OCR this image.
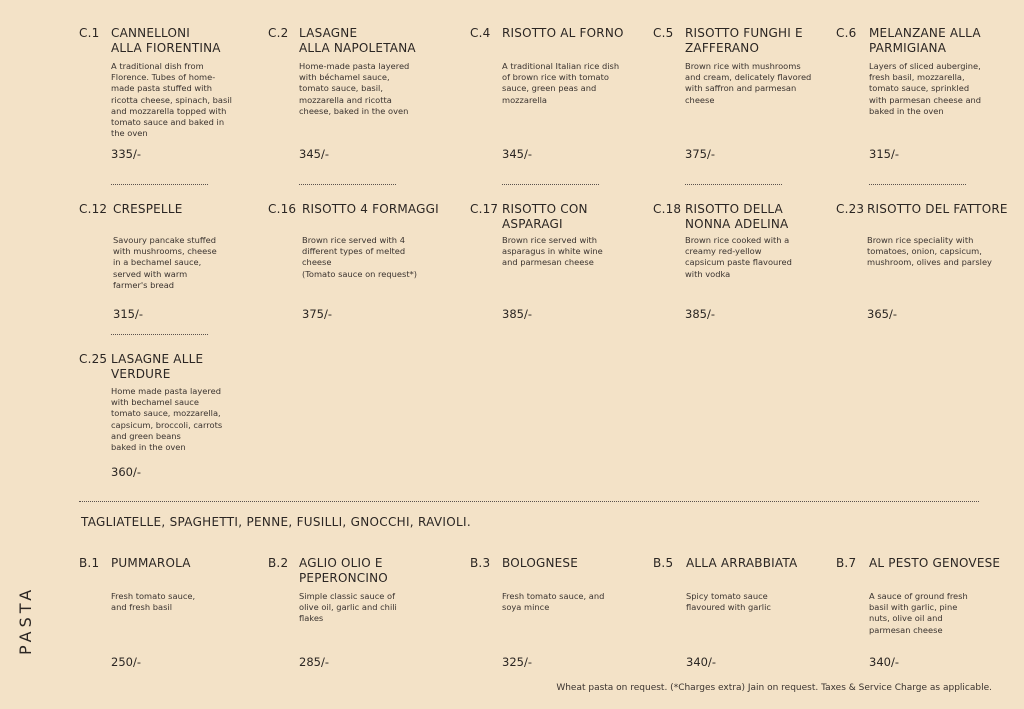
C.1 CANNELLONI
ALLA FIORENTINA
A traditional dish from
Florence. Tubes of home-
made pasta stuffed with
ricotta cheese, spinach, basil
and mozzarella topped with
tomato sauce and baked in
the oven
335/-
C.2 LASAGNE
ALLA NAPOLETANA
Home-made pasta layered
with béchamel sauce,
tomato sauce, basil,
mozzarella and ricotta
cheese, baked in the oven
345/-
C.4 RISOTTO AL FORNO
A traditional Italian rice dish
of brown rice with tomato
sauce, green peas and
mozzarella
345/-
C.5 RISOTTO FUNGHI E
ZAFFERANO
Brown rice with mushrooms
and cream, delicately flavored
with saffron and parmesan
cheese
375/-
C.6 MELANZANE ALLA
PARMIGIANA
Layers of sliced aubergine,
fresh basil, mozzarella,
tomato sauce, sprinkled
with parmesan cheese and
baked in the oven
315/-
C.12 CRESPELLE
Savoury pancake stuffed
with mushrooms, cheese
in a bechamel sauce,
served with warm
farmer's bread
315/-
C.16 RISOTTO 4 FORMAGGI
Brown rice served with 4
different types of melted
cheese
(Tomato sauce on request*)
375/-
C.17 RISOTTO CON
ASPARAGI
Brown rice served with
asparagus in white wine
and parmesan cheese
385/-
C.18 RISOTTO DELLA
NONNA ADELINA
Brown rice cooked with a
creamy red-yellow
capsicum paste flavoured
with vodka
385/-
C.23 RISOTTO DEL FATTORE
Brown rice speciality with
tomatoes, onion, capsicum,
mushroom, olives and parsley
365/-
C.25 LASAGNE ALLE
VERDURE
Home made pasta layered
with bechamel sauce
tomato sauce, mozzarella,
capsicum, broccoli, carrots
and green beans
baked in the oven
360/-
TAGLIATELLE, SPAGHETTI, PENNE, FUSILLI, GNOCCHI, RAVIOLI.
B.1 PUMMAROLA
Fresh tomato sauce,
and fresh basil
250/-
B.2 AGLIO OLIO E
PEPERONCINO
Simple classic sauce of
olive oil, garlic and chili
flakes
285/-
B.3 BOLOGNESE
Fresh tomato sauce, and
soya mince
325/-
B.5 ALLA ARRABBIATA
Spicy tomato sauce
flavoured with garlic
340/-
B.7 AL PESTO GENOVESE
A sauce of ground fresh
basil with garlic, pine
nuts, olive oil and
parmesan cheese
340/-
PASTA
Wheat pasta on request. (*Charges extra) Jain on request. Taxes & Service Charge as applicable.
